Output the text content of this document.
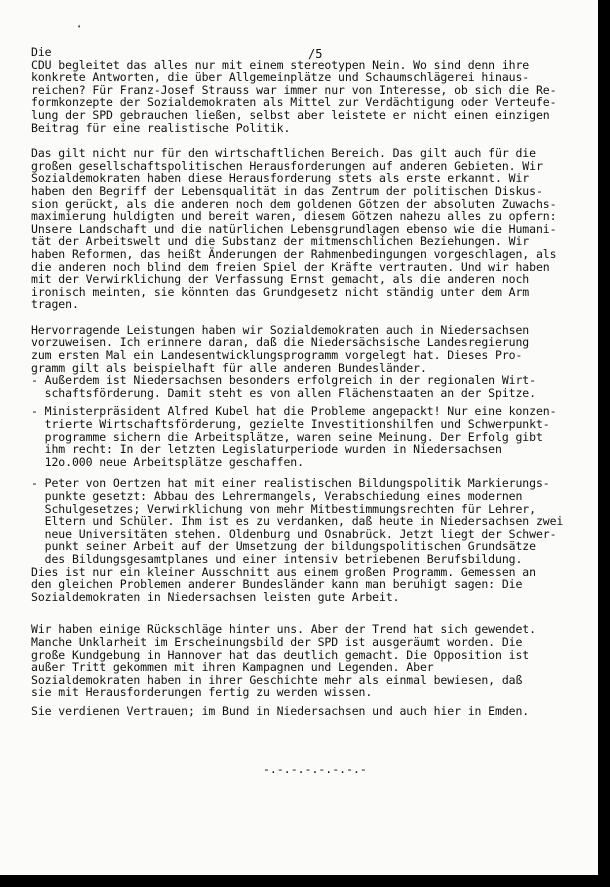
❛
/5
Die
CDU begleitet das alles nur mit einem stereotypen Nein. Wo sind denn ihre
konkrete Antworten, die über Allgemeinplätze und Schaumschlägerei hinaus-
reichen? Für Franz-Josef Strauss war immer nur von Interesse, ob sich die Re-
formkonzepte der Sozialdemokraten als Mittel zur Verdächtigung oder Verteufe-
lung der SPD gebrauchen ließen, selbst aber leistete er nicht einen einzigen
Beitrag für eine realistische Politik.
Das gilt nicht nur für den wirtschaftlichen Bereich. Das gilt auch für die
großen gesellschaftspolitischen Herausforderungen auf anderen Gebieten. Wir
Sozialdemokraten haben diese Herausforderung stets als erste erkannt. Wir
haben den Begriff der Lebensqualität in das Zentrum der politischen Diskus-
sion gerückt, als die anderen noch dem goldenen Götzen der absoluten Zuwachs-
maximierung huldigten und bereit waren, diesem Götzen nahezu alles zu opfern:
Unsere Landschaft und die natürlichen Lebensgrundlagen ebenso wie die Humani-
tät der Arbeitswelt und die Substanz der mitmenschlichen Beziehungen. Wir
haben Reformen, das heißt Änderungen der Rahmenbedingungen vorgeschlagen, als
die anderen noch blind dem freien Spiel der Kräfte vertrauten. Und wir haben
mit der Verwirklichung der Verfassung Ernst gemacht, als die anderen noch
ironisch meinten, sie könnten das Grundgesetz nicht ständig unter dem Arm
tragen.
Hervorragende Leistungen haben wir Sozialdemokraten auch in Niedersachsen
vorzuweisen. Ich erinnere daran, daß die Niedersächsische Landesregierung
zum ersten Mal ein Landesentwicklungsprogramm vorgelegt hat. Dieses Pro-
gramm gilt als beispielhaft für alle anderen Bundesländer.
- Außerdem ist Niedersachsen besonders erfolgreich in der regionalen Wirt-
schaftsförderung. Damit steht es von allen Flächenstaaten an der Spitze.
- Ministerpräsident Alfred Kubel hat die Probleme angepackt! Nur eine konzen-
trierte Wirtschaftsförderung, gezielte Investitionshilfen und Schwerpunkt-
programme sichern die Arbeitsplätze, waren seine Meinung. Der Erfolg gibt
ihm recht: In der letzten Legislaturperiode wurden in Niedersachsen
12o.000 neue Arbeitsplätze geschaffen.
- Peter von Oertzen hat mit einer realistischen Bildungspolitik Markierungs-
punkte gesetzt: Abbau des Lehrermangels, Verabschiedung eines modernen
Schulgesetzes; Verwirklichung von mehr Mitbestimmungsrechten für Lehrer,
Eltern und Schüler. Ihm ist es zu verdanken, daß heute in Niedersachsen zwei
neue Universitäten stehen. Oldenburg und Osnabrück. Jetzt liegt der Schwer-
punkt seiner Arbeit auf der Umsetzung der bildungspolitischen Grundsätze
des Bildungsgesamtplanes und einer intensiv betriebenen Berufsbildung.
Dies ist nur ein kleiner Ausschnitt aus einem großen Programm. Gemessen an
den gleichen Problemen anderer Bundesländer kann man beruhigt sagen: Die
Sozialdemokraten in Niedersachsen leisten gute Arbeit.
Wir haben einige Rückschläge hinter uns. Aber der Trend hat sich gewendet.
Manche Unklarheit im Erscheinungsbild der SPD ist ausgeräumt worden. Die
große Kundgebung in Hannover hat das deutlich gemacht. Die Opposition ist
außer Tritt gekommen mit ihren Kampagnen und Legenden. Aber
Sozialdemokraten haben in ihrer Geschichte mehr als einmal bewiesen, daß
sie mit Herausforderungen fertig zu werden wissen.
Sie verdienen Vertrauen; im Bund in Niedersachsen und auch hier in Emden.
-.-.-.-.-.-.-.-
